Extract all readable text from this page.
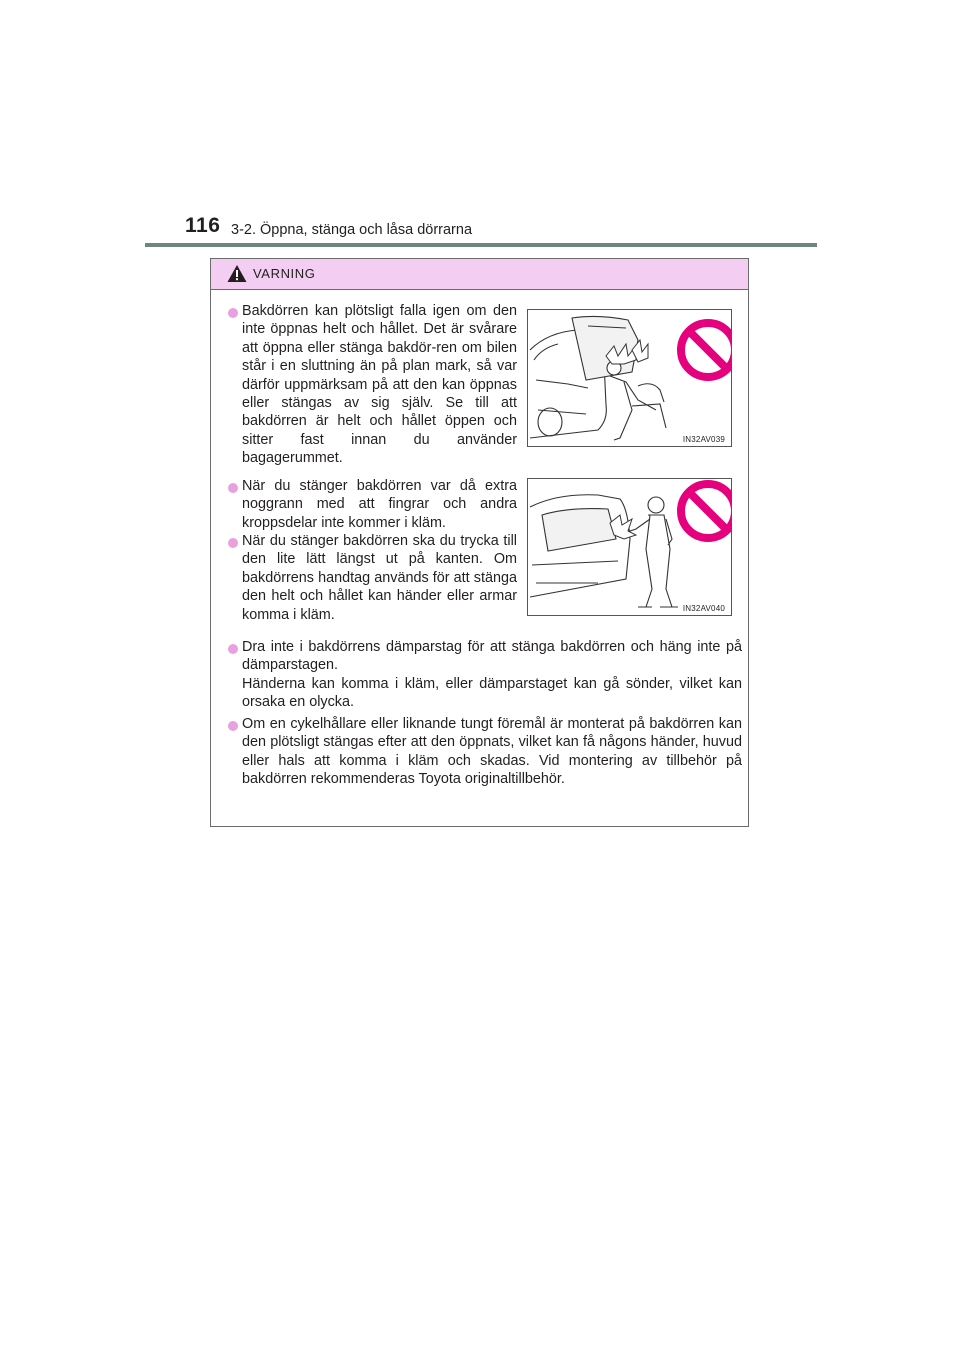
116 3-2. Öppna, stänga och låsa dörrarna
VARNING
Bakdörren kan plötsligt falla igen om den inte öppnas helt och hållet. Det är svårare att öppna eller stänga bakdör-ren om bilen står i en sluttning än på plan mark, så var därför uppmärksam på att den kan öppnas eller stängas av sig själv. Se till att bakdörren är helt och hållet öppen och sitter fast innan du använder bagagerummet.
IN32AV039
När du stänger bakdörren var då extra noggrann med att fingrar och andra kroppsdelar inte kommer i kläm.
När du stänger bakdörren ska du trycka till den lite lätt längst ut på kanten. Om bakdörrens handtag används för att stänga den helt och hållet kan händer eller armar komma i kläm.	IN32AV040
Dra inte i bakdörrens dämparstag för att stänga bakdörren och häng inte på dämparstagen.
Händerna kan komma i kläm, eller dämparstaget kan gå sönder, vilket kan orsaka en olycka.
Om en cykelhållare eller liknande tungt föremål är monterat på bakdörren kan den plötsligt stängas efter att den öppnats, vilket kan få någons händer, huvud eller hals att komma i kläm och skadas. Vid montering av tillbehör på bakdörren rekommenderas Toyota originaltillbehör.
